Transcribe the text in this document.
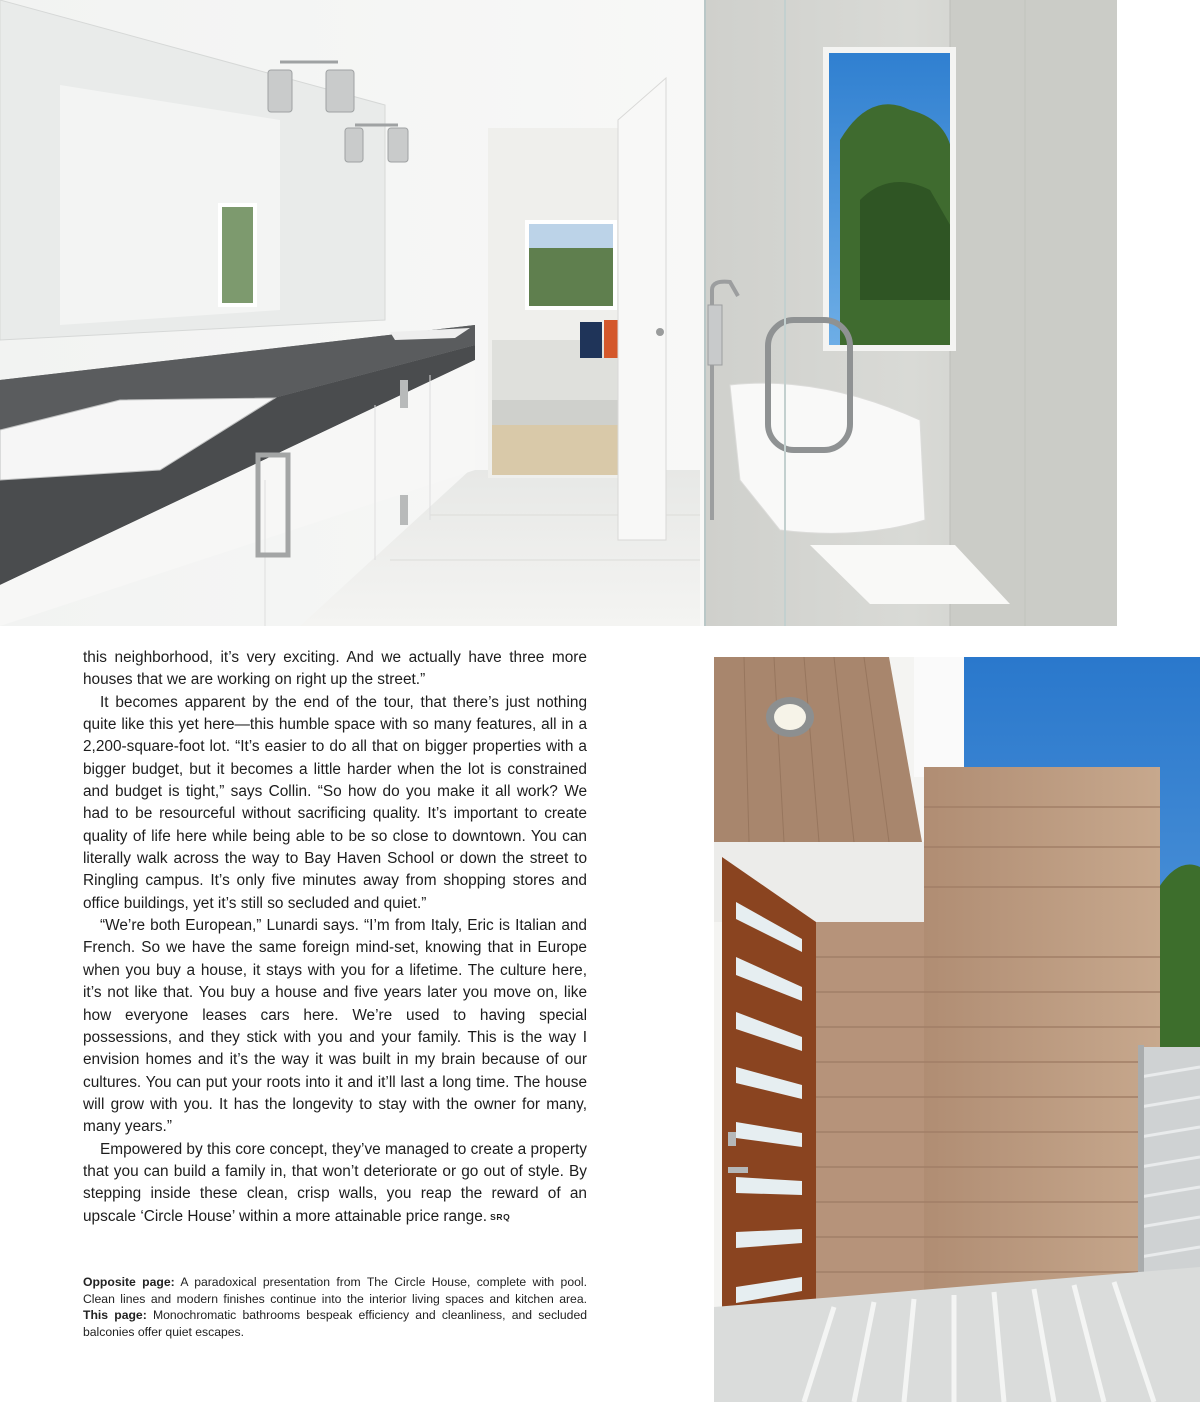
this neighborhood, it’s very exciting. And we actually have three more houses that we are working on right up the street.”

It becomes apparent by the end of the tour, that there’s just nothing quite like this yet here—this humble space with so many features, all in a 2,200-square-foot lot. “It’s easier to do all that on bigger properties with a bigger budget, but it becomes a little harder when the lot is constrained and budget is tight,” says Collin. “So how do you make it all work? We had to be resourceful without sacrificing quality. It’s important to create quality of life here while being able to be so close to downtown. You can literally walk across the way to Bay Haven School or down the street to Ringling campus. It’s only five minutes away from shopping stores and office buildings, yet it’s still so secluded and quiet.”

“We’re both European,” Lunardi says. “I’m from Italy, Eric is Italian and French. So we have the same foreign mind-set, knowing that in Europe when you buy a house, it stays with you for a lifetime. The culture here, it’s not like that. You buy a house and five years later you move on, like how everyone leases cars here. We’re used to having special possessions, and they stick with you and your family. This is the way I envision homes and it’s the way it was built in my brain because of our cultures. You can put your roots into it and it’ll last a long time. The house will grow with you. It has the longevity to stay with the owner for many, many years.”

Empowered by this core concept, they’ve managed to create a property that you can build a family in, that won’t deteriorate or go out of style. By stepping inside these clean, crisp walls, you reap the reward of an upscale ‘Circle House’ within a more attainable price range. SRQ

Opposite page: A paradoxical presentation from The Circle House, complete with pool. Clean lines and modern finishes continue into the interior living spaces and kitchen area. This page: Monochromatic bathrooms bespeak efficiency and cleanliness, and secluded balconies offer quiet escapes.
